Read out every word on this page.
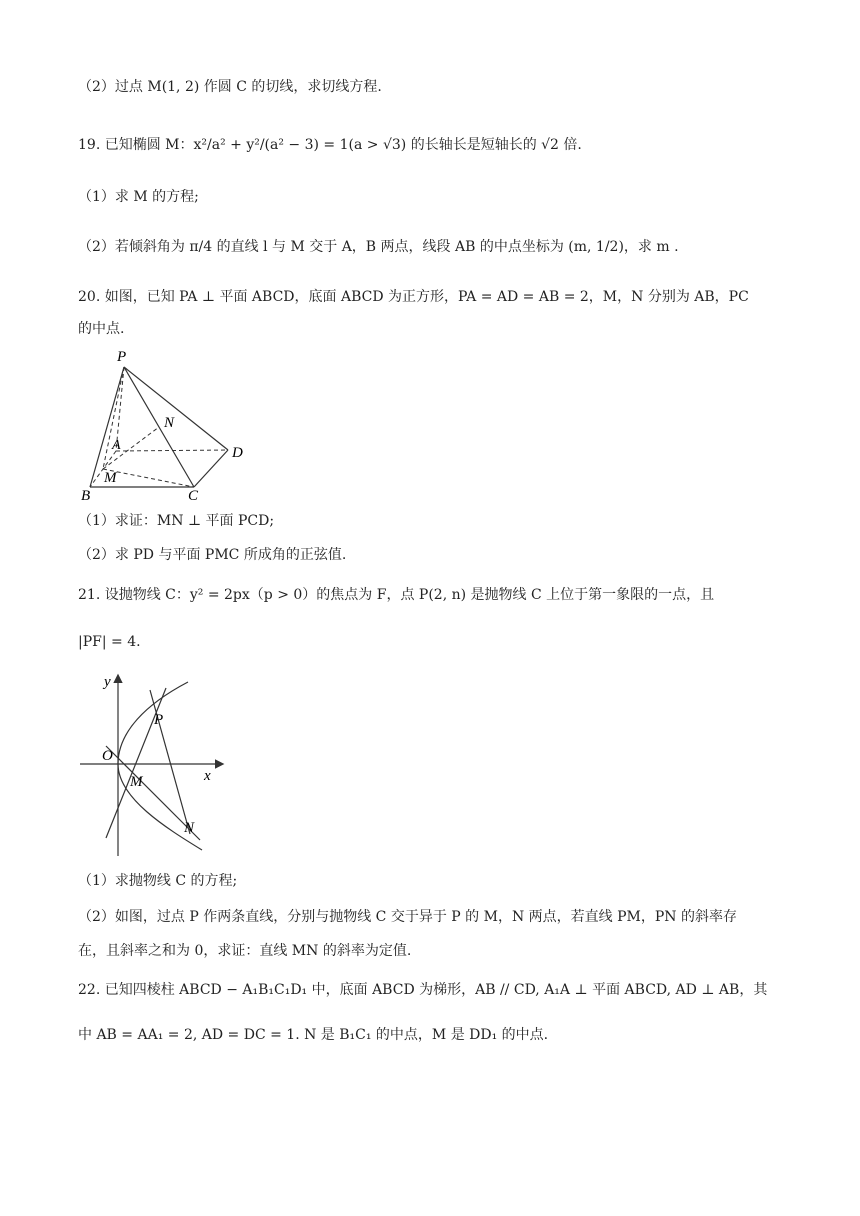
（2）过点 M(1, 2) 作圆 C 的切线，求切线方程.
19. 已知椭圆 M：x²/a² + y²/(a² − 3) = 1(a > √3) 的长轴长是短轴长的 √2 倍.
（1）求 M 的方程;
（2）若倾斜角为 π/4 的直线 l 与 M 交于 A，B 两点，线段 AB 的中点坐标为 (m, 1/2)，求 m .
20. 如图，已知 PA ⊥ 平面 ABCD，底面 ABCD 为正方形，PA = AD = AB = 2，M，N 分别为 AB，PC
的中点.
P
N
A	D
M
B	C
（1）求证：MN ⊥ 平面 PCD;
（2）求 PD 与平面 PMC 所成角的正弦值.
21. 设抛物线 C：y² = 2px（p > 0）的焦点为 F，点 P(2, n) 是抛物线 C 上位于第一象限的一点，且
|PF| = 4.
y
P
O
x
M
N
（1）求抛物线 C 的方程;
（2）如图，过点 P 作两条直线，分别与抛物线 C 交于异于 P 的 M，N 两点，若直线 PM，PN 的斜率存
在，且斜率之和为 0，求证：直线 MN 的斜率为定值.
22. 已知四棱柱 ABCD − A₁B₁C₁D₁ 中，底面 ABCD 为梯形，AB // CD, A₁A ⊥ 平面 ABCD, AD ⊥ AB，其
中 AB = AA₁ = 2, AD = DC = 1. N 是 B₁C₁ 的中点，M 是 DD₁ 的中点.
